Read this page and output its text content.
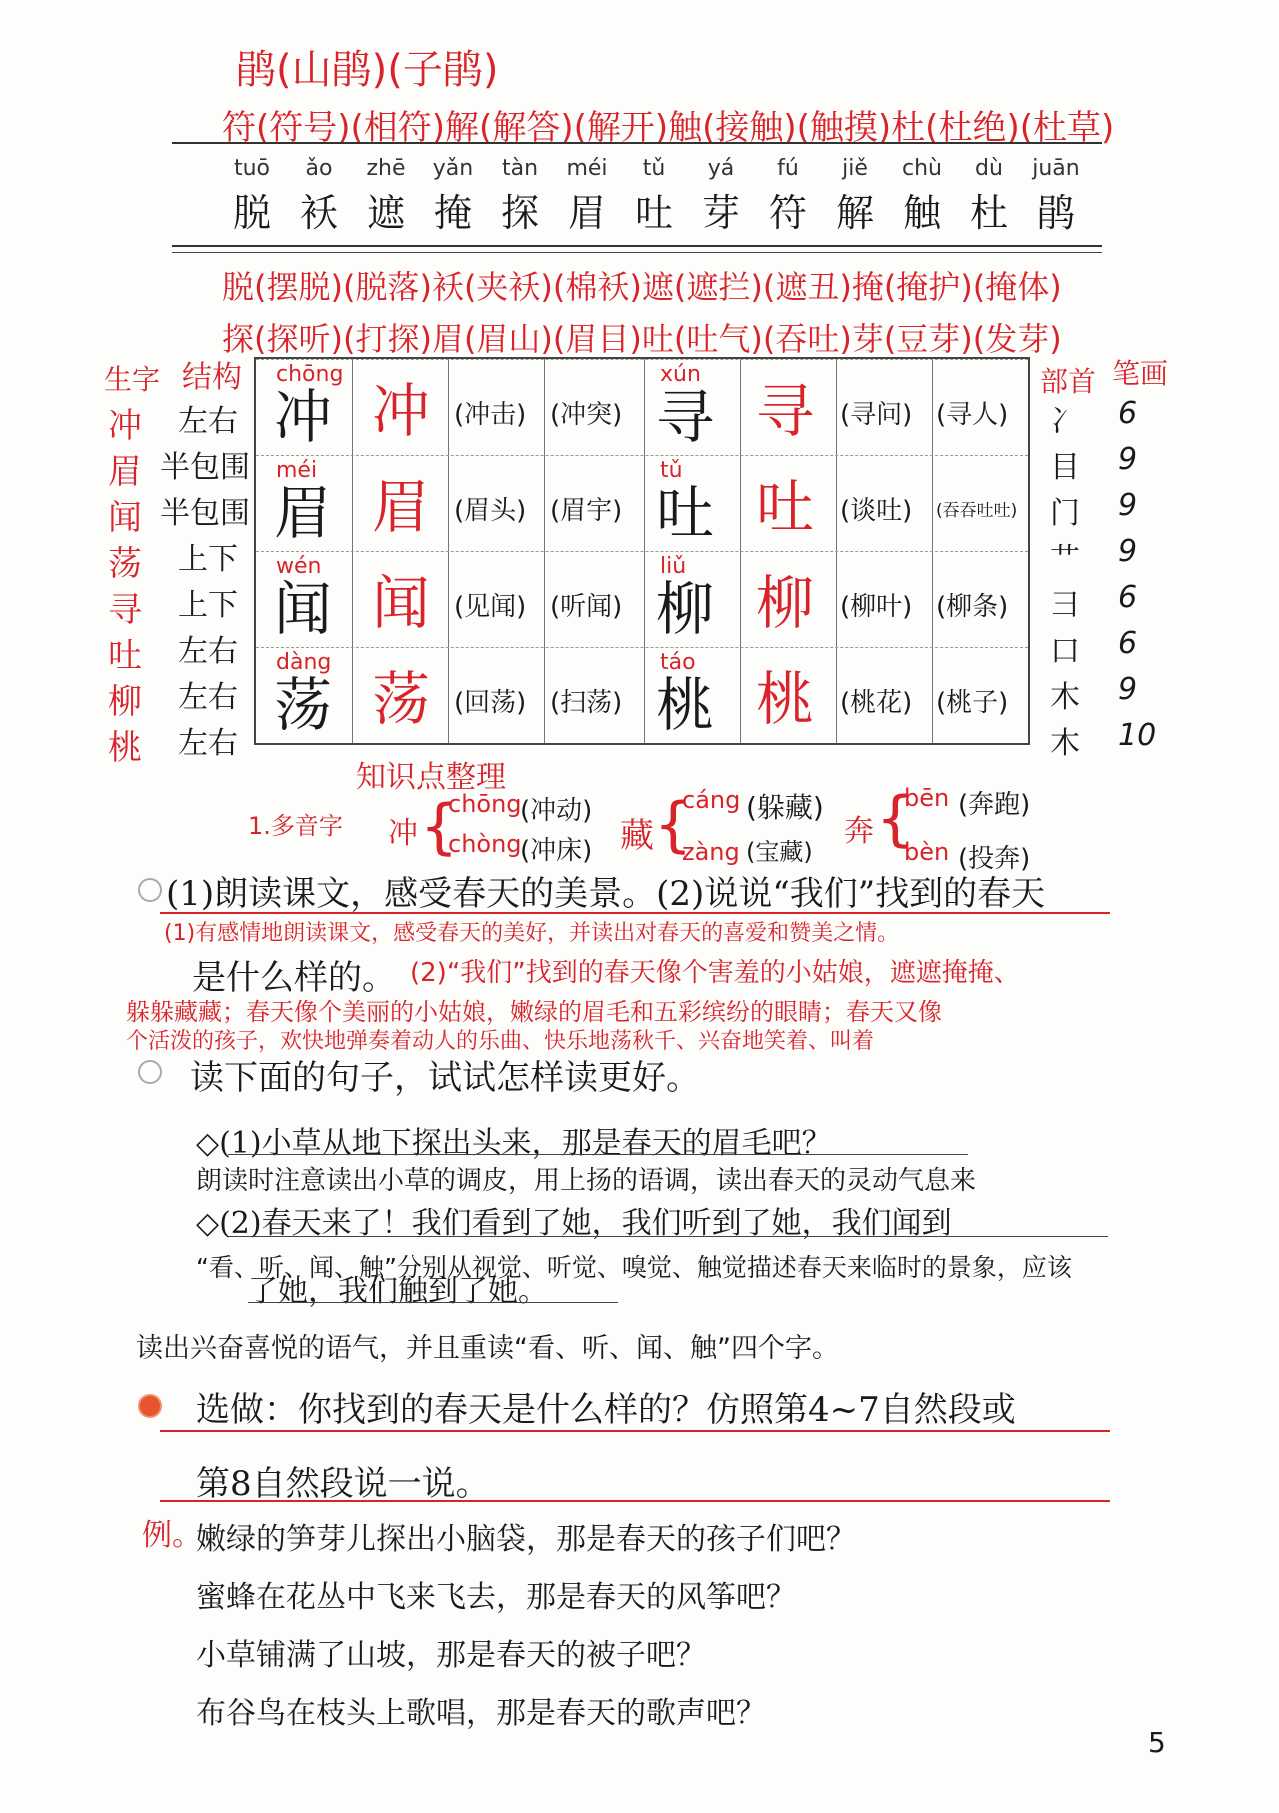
鹃(山鹃)(子鹃)
符(符号)(相符)解(解答)(解开)触(接触)(触摸)杜(杜绝)(杜草)
tuō
脱
ǎo
袄
zhē
遮
yǎn
掩
tàn
探
méi
眉
tǔ
吐
yá
芽
fú
符
jiě
解
chù
触
dù
杜
juān
鹃
脱(摆脱)(脱落)袄(夹袄)(棉袄)遮(遮拦)(遮丑)掩(掩护)(掩体)
探(探听)(打探)眉(眉山)(眉目)吐(吐气)(吞吐)芽(豆芽)(发芽)
生字 结构
冲
眉
闻
荡
寻
吐
柳
桃
左右
半包围
半包围
上下
上下
左右
左右
左右
部首 笔画
冫
目
门
艹
彐
口
木
木
6
9
9
9
6
6
9
10
chōng
冲 冲 (冲击) (冲突)
xún
寻 寻 (寻问) (寻人)
méi
眉 眉 (眉头) (眉宇)
tǔ
吐 吐 (谈吐) (吞吞吐吐)
wén
闻 闻 (见闻) (听闻)
liǔ
柳 柳 (柳叶) (柳条)
dàng
荡 荡 (回荡) (扫荡)
táo
桃 桃 (桃花) (桃子)
知识点整理
1.多音字 冲 {
chōng
(冲动)
chòng
(冲床) 藏 {
cáng (躲藏)
zàng (宝藏)
奔 {
bēn (奔跑)
bèn (投奔)
(1)朗读课文，感受春天的美景。(2)说说“我们”找到的春天
(1)有感情地朗读课文，感受春天的美好，并读出对春天的喜爱和赞美之情。
是什么样的。 (2)“我们”找到的春天像个害羞的小姑娘，遮遮掩掩、
躲躲藏藏；春天像个美丽的小姑娘，嫩绿的眉毛和五彩缤纷的眼睛；春天又像
个活泼的孩子，欢快地弹奏着动人的乐曲、快乐地荡秋千、兴奋地笑着、叫着
读下面的句子，试试怎样读更好。
◇(1)小草从地下探出头来，那是春天的眉毛吧？
朗读时注意读出小草的调皮，用上扬的语调，读出春天的灵动气息来
◇(2)春天来了！我们看到了她，我们听到了她，我们闻到
“看、听、闻、触”分别从视觉、听觉、嗅觉、触觉描述春天来临时的景象，应该
了她，我们触到了她。
读出兴奋喜悦的语气，并且重读“看、听、闻、触”四个字。
选做：你找到的春天是什么样的？仿照第4~7自然段或
第8自然段说一说。
例。
嫩绿的笋芽儿探出小脑袋，那是春天的孩子们吧？
蜜蜂在花丛中飞来飞去，那是春天的风筝吧？
小草铺满了山坡，那是春天的被子吧？
布谷鸟在枝头上歌唱，那是春天的歌声吧？
5
